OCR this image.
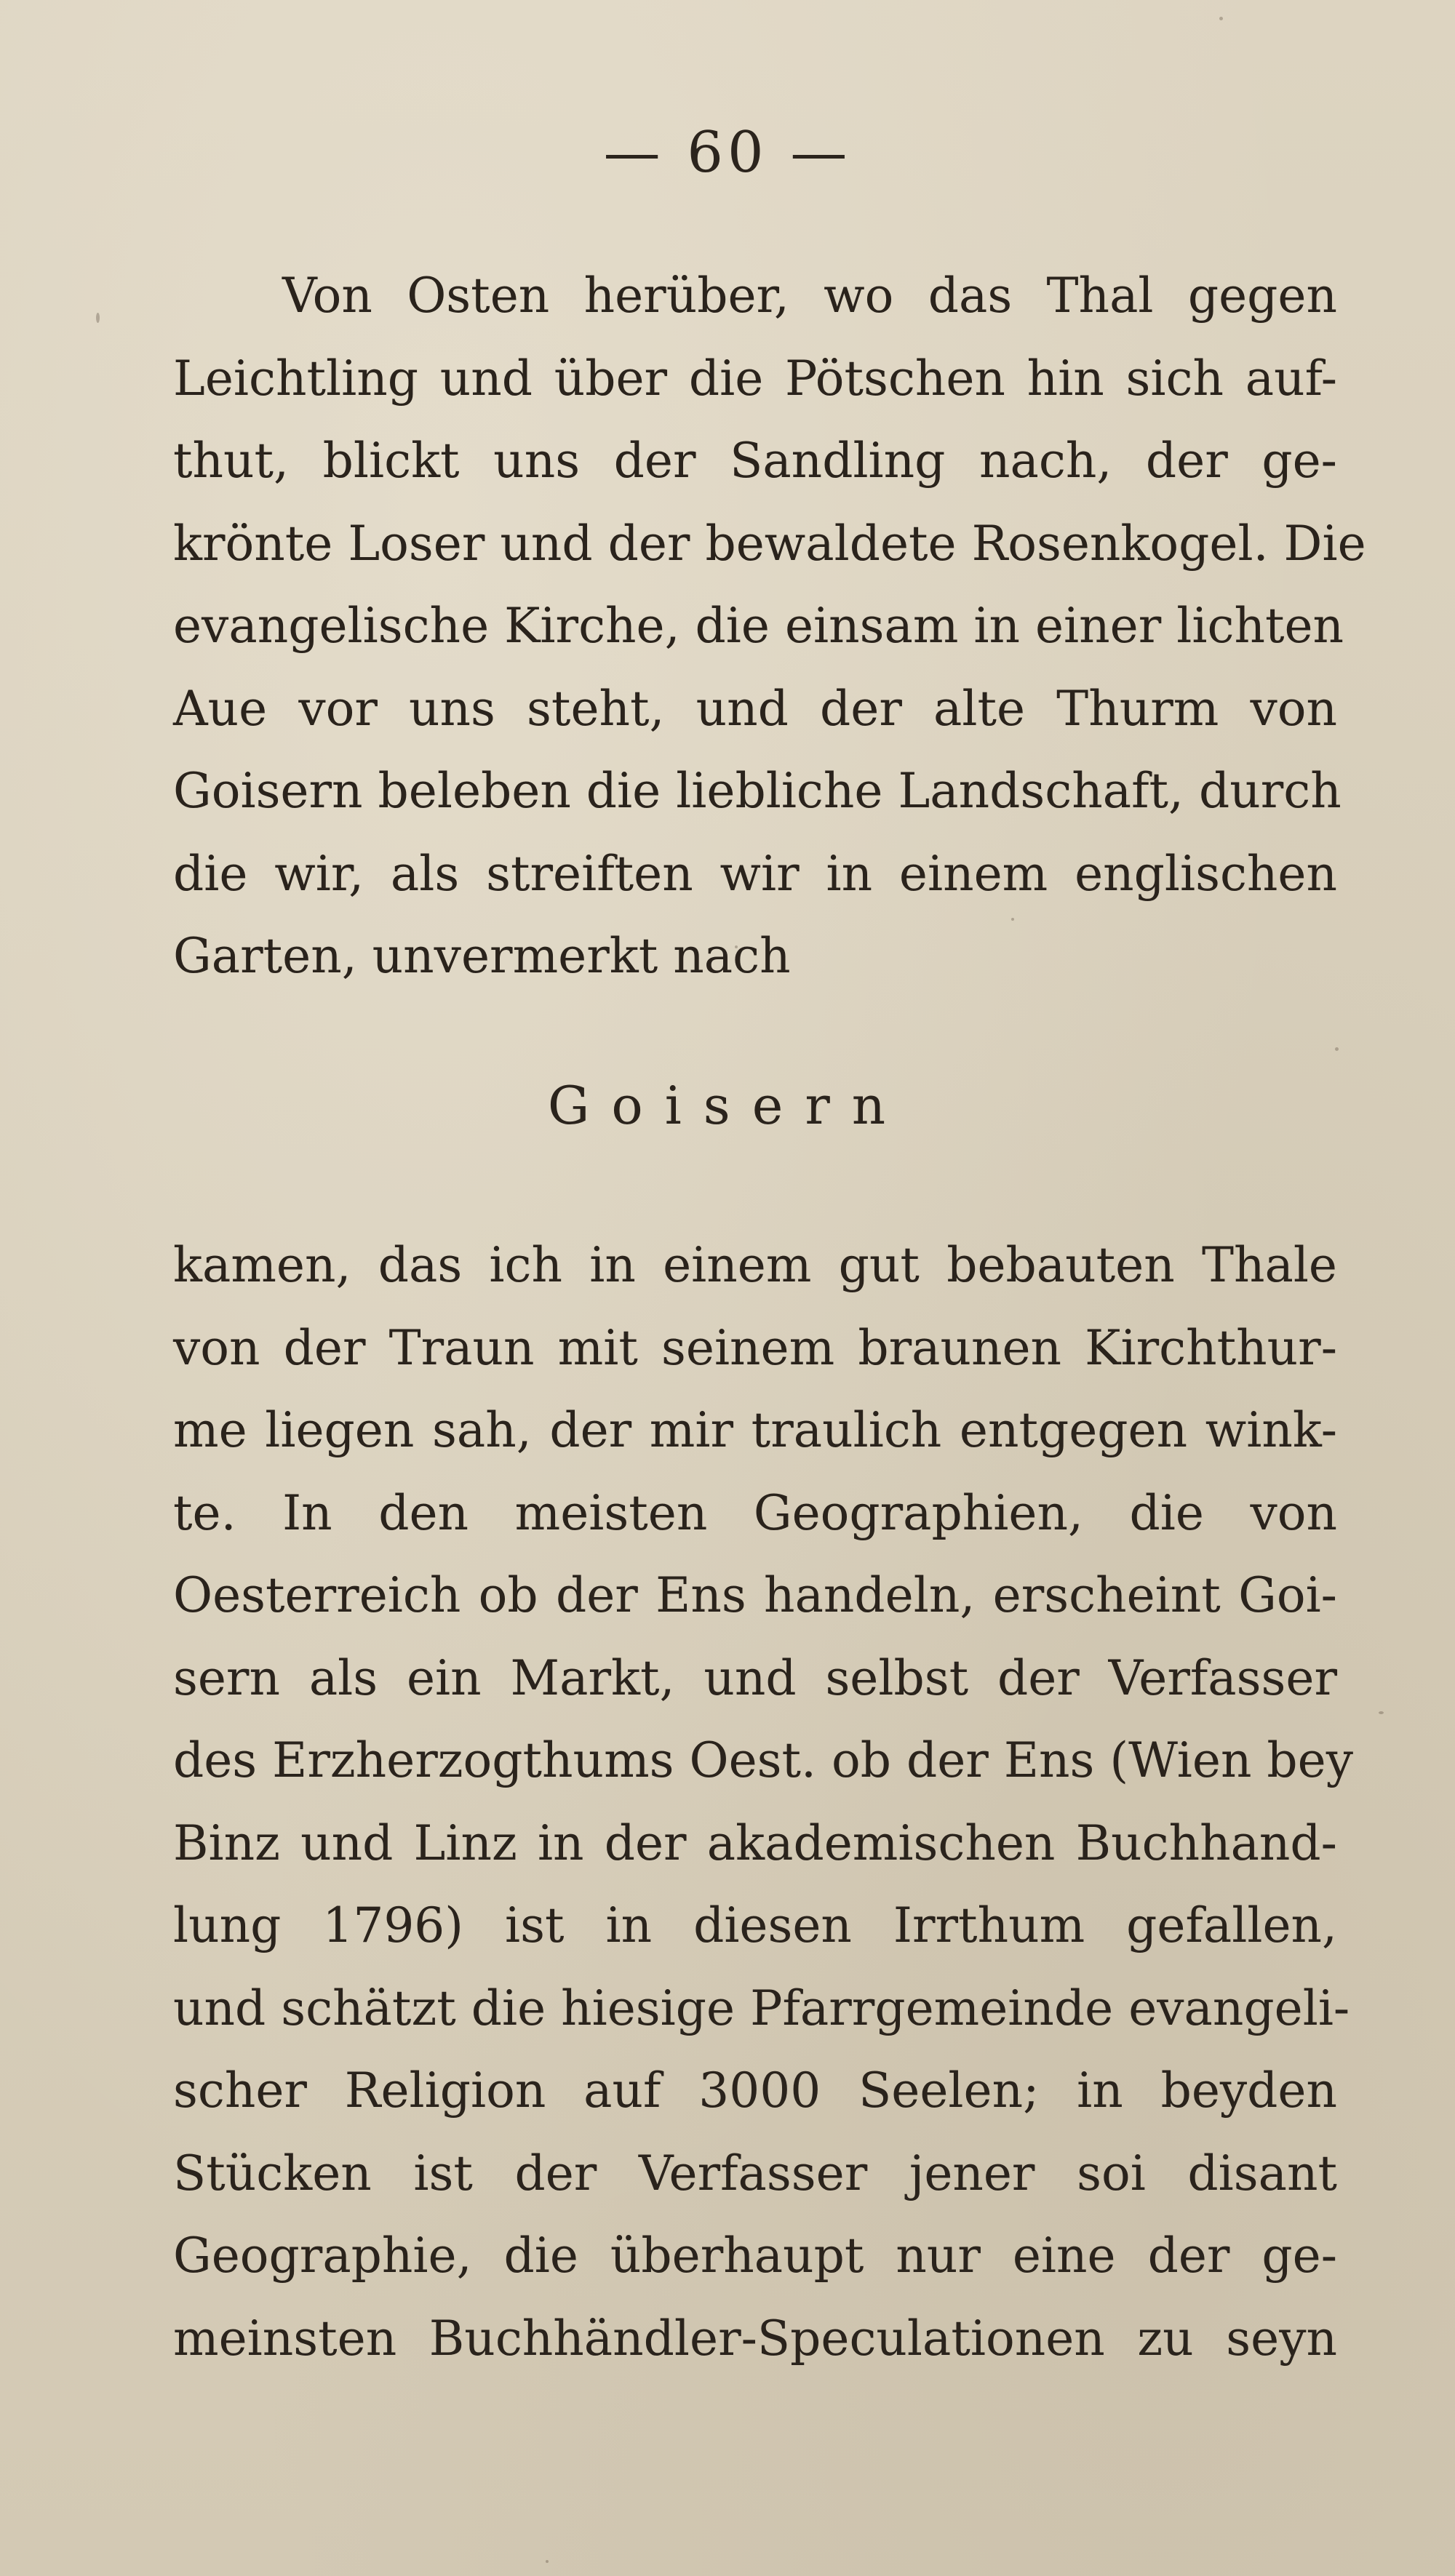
— 60 —
Von Osten herüber, wo das Thal gegen
Leichtling und über die Pötschen hin sich auf-
thut, blickt uns der Sandling nach, der ge-
krönte Loser und der bewaldete Rosenkogel. Die
evangelische Kirche, die einsam in einer lichten
Aue vor uns steht, und der alte Thurm von
Goisern beleben die liebliche Landschaft, durch
die wir, als streiften wir in einem englischen
Garten, unvermerkt nach
Goisern
kamen, das ich in einem gut bebauten Thale
von der Traun mit seinem braunen Kirchthur-
me liegen sah, der mir traulich entgegen wink-
te. In den meisten Geographien, die von
Oesterreich ob der Ens handeln, erscheint Goi-
sern als ein Markt, und selbst der Verfasser
des Erzherzogthums Oest. ob der Ens (Wien bey
Binz und Linz in der akademischen Buchhand-
lung 1796) ist in diesen Irrthum gefallen,
und schätzt die hiesige Pfarrgemeinde evangeli-
scher Religion auf 3000 Seelen; in beyden
Stücken ist der Verfasser jener soi disant
Geographie, die überhaupt nur eine der ge-
meinsten Buchhändler-Speculationen zu seyn
